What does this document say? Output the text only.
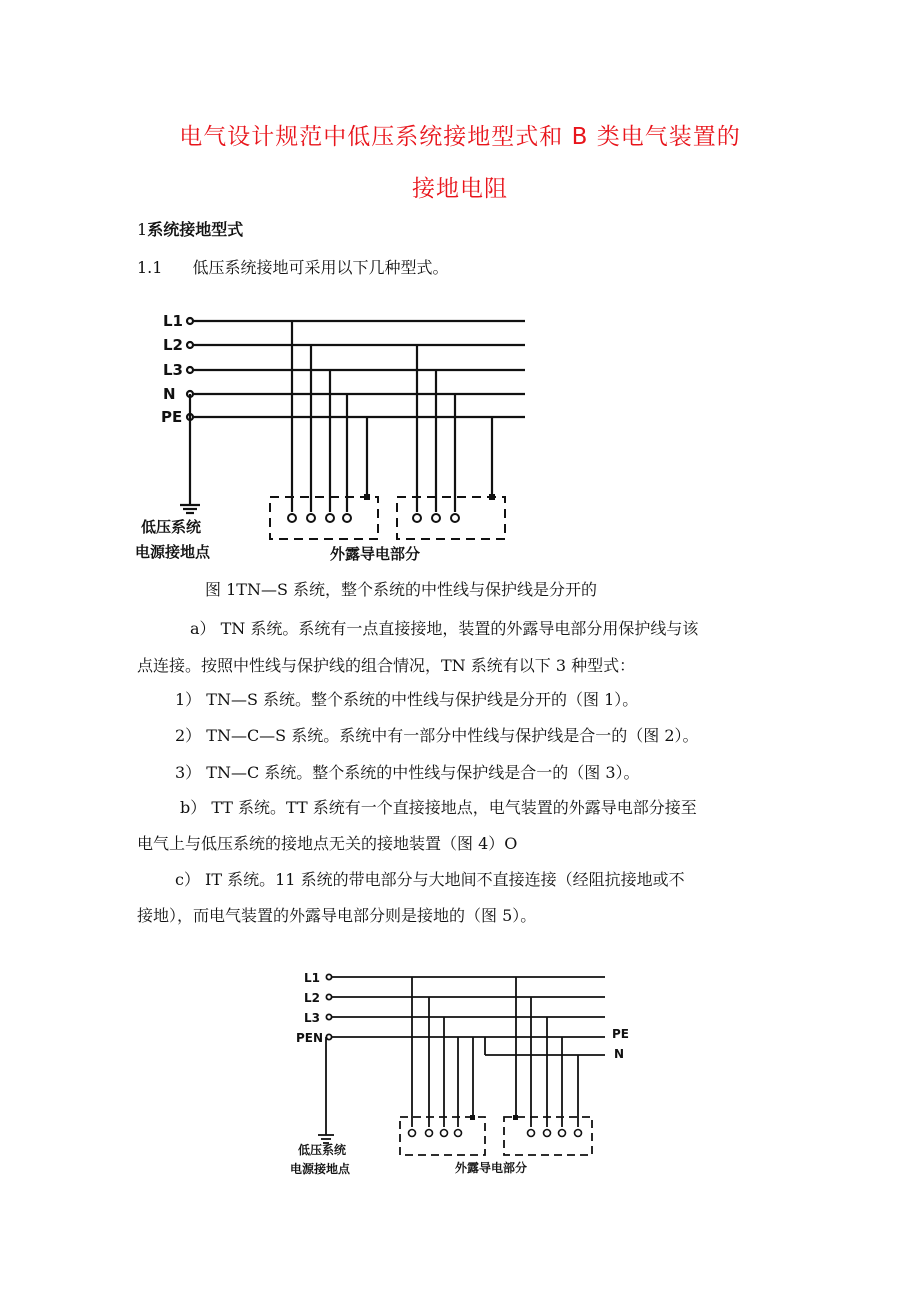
电气设计规范中低压系统接地型式和 B 类电气装置的
接地电阻
1系统接地型式
1.1 低压系统接地可采用以下几种型式。
L1
L2
L3
N
PE
低压系统
电源接地点	外露导电部分
图 1TN—S 系统，整个系统的中性线与保护线是分开的
a） TN 系统。系统有一点直接接地，装置的外露导电部分用保护线与该
点连接。按照中性线与保护线的组合情况，TN 系统有以下 3 种型式：
1） TN—S 系统。整个系统的中性线与保护线是分开的（图 1）。
2） TN—C—S 系统。系统中有一部分中性线与保护线是合一的（图 2）。
3） TN—C 系统。整个系统的中性线与保护线是合一的（图 3）。
b） TT 系统。TT 系统有一个直接接地点，电气装置的外露导电部分接至
电气上与低压系统的接地点无关的接地装置（图 4）O
c） IT 系统。11 系统的带电部分与大地间不直接连接（经阻抗接地或不
接地），而电气装置的外露导电部分则是接地的（图 5）。
L1
L2
L3
PEN	PE
N
低压系统
电源接地点	外露导电部分
